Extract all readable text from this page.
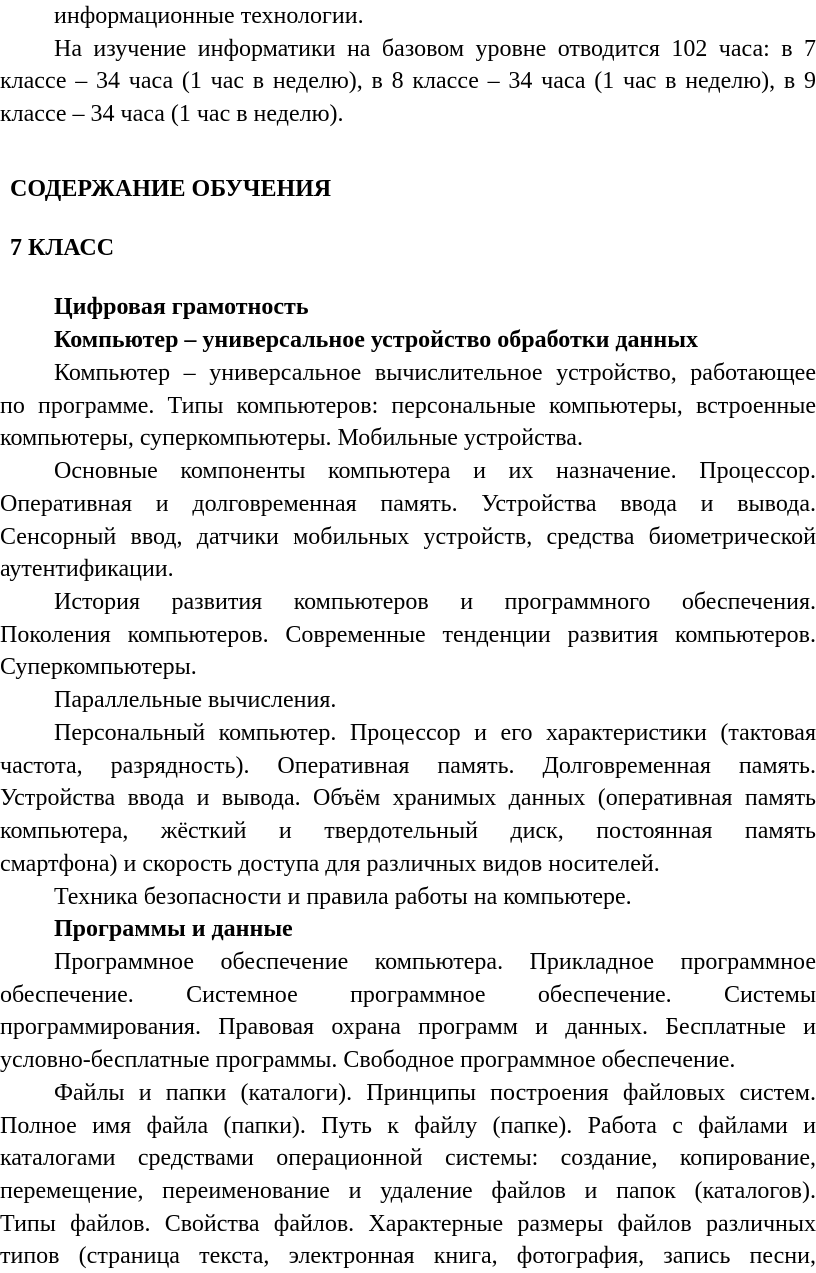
информационные технологии.
На изучение информатики на базовом уровне отводится 102 часа: в 7
классе – 34 часа (1 час в неделю), в 8 классе – 34 часа (1 час в неделю), в 9
классе – 34 часа (1 час в неделю).
СОДЕРЖАНИЕ ОБУЧЕНИЯ
7 КЛАСС
Цифровая грамотность
Компьютер – универсальное устройство обработки данных
Компьютер – универсальное вычислительное устройство, работающее
по программе. Типы компьютеров: персональные компьютеры, встроенные
компьютеры, суперкомпьютеры. Мобильные устройства.
Основные компоненты компьютера и их назначение. Процессор.
Оперативная и долговременная память. Устройства ввода и вывода.
Сенсорный ввод, датчики мобильных устройств, средства биометрической
аутентификации.
История развития компьютеров и программного обеспечения.
Поколения компьютеров. Современные тенденции развития компьютеров.
Суперкомпьютеры.
Параллельные вычисления.
Персональный компьютер. Процессор и его характеристики (тактовая
частота, разрядность). Оперативная память. Долговременная память.
Устройства ввода и вывода. Объём хранимых данных (оперативная память
компьютера, жёсткий и твердотельный диск, постоянная память
смартфона) и скорость доступа для различных видов носителей.
Техника безопасности и правила работы на компьютере.
Программы и данные
Программное обеспечение компьютера. Прикладное программное
обеспечение. Системное программное обеспечение. Системы
программирования. Правовая охрана программ и данных. Бесплатные и
условно-бесплатные программы. Свободное программное обеспечение.
Файлы и папки (каталоги). Принципы построения файловых систем.
Полное имя файла (папки). Путь к файлу (папке). Работа с файлами и
каталогами средствами операционной системы: создание, копирование,
перемещение, переименование и удаление файлов и папок (каталогов).
Типы файлов. Свойства файлов. Характерные размеры файлов различных
типов (страница текста, электронная книга, фотография, запись песни,
